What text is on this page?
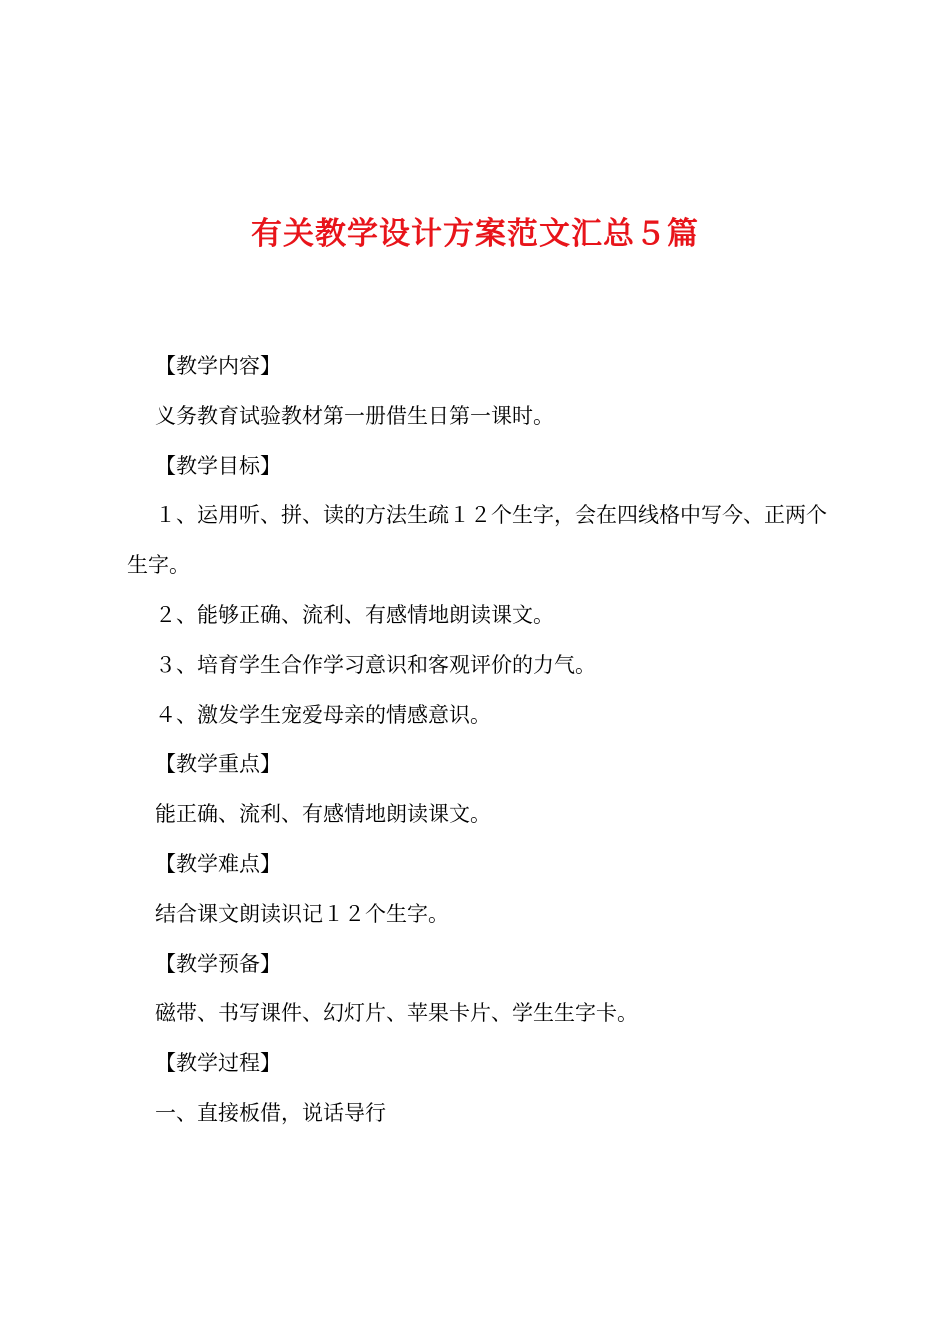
有关教学设计方案范文汇总５篇

【教学内容】

义务教育试验教材第一册借生日第一课时。

【教学目标】

１、运用听、拼、读的方法生疏１２个生字，会在四线格中写今、正两个生字。

２、能够正确、流利、有感情地朗读课文。

３、培育学生合作学习意识和客观评价的力气。

４、激发学生宠爱母亲的情感意识。

【教学重点】

能正确、流利、有感情地朗读课文。

【教学难点】

结合课文朗读识记１２个生字。

【教学预备】

磁带、书写课件、幻灯片、苹果卡片、学生生字卡。

【教学过程】

一、直接板借，说话导行
